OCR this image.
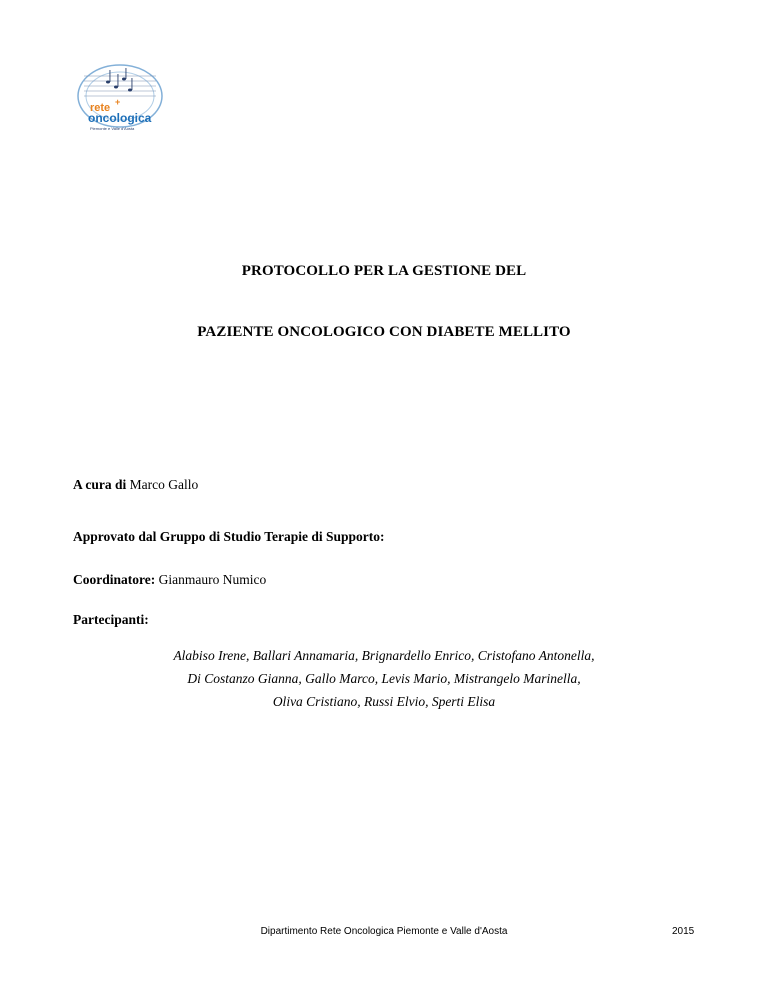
rete +
oncologica
Piemonte e Valle d'Aosta
PROTOCOLLO PER LA GESTIONE DEL
PAZIENTE ONCOLOGICO CON DIABETE MELLITO
A cura di Marco Gallo
Approvato dal Gruppo di Studio Terapie di Supporto:
Coordinatore: Gianmauro Numico
Partecipanti:
Alabiso Irene, Ballari Annamaria, Brignardello Enrico, Cristofano Antonella,
Di Costanzo Gianna, Gallo Marco, Levis Mario, Mistrangelo Marinella,
Oliva Cristiano, Russi Elvio, Sperti Elisa
Dipartimento Rete Oncologica Piemonte e Valle d'Aosta	2015
